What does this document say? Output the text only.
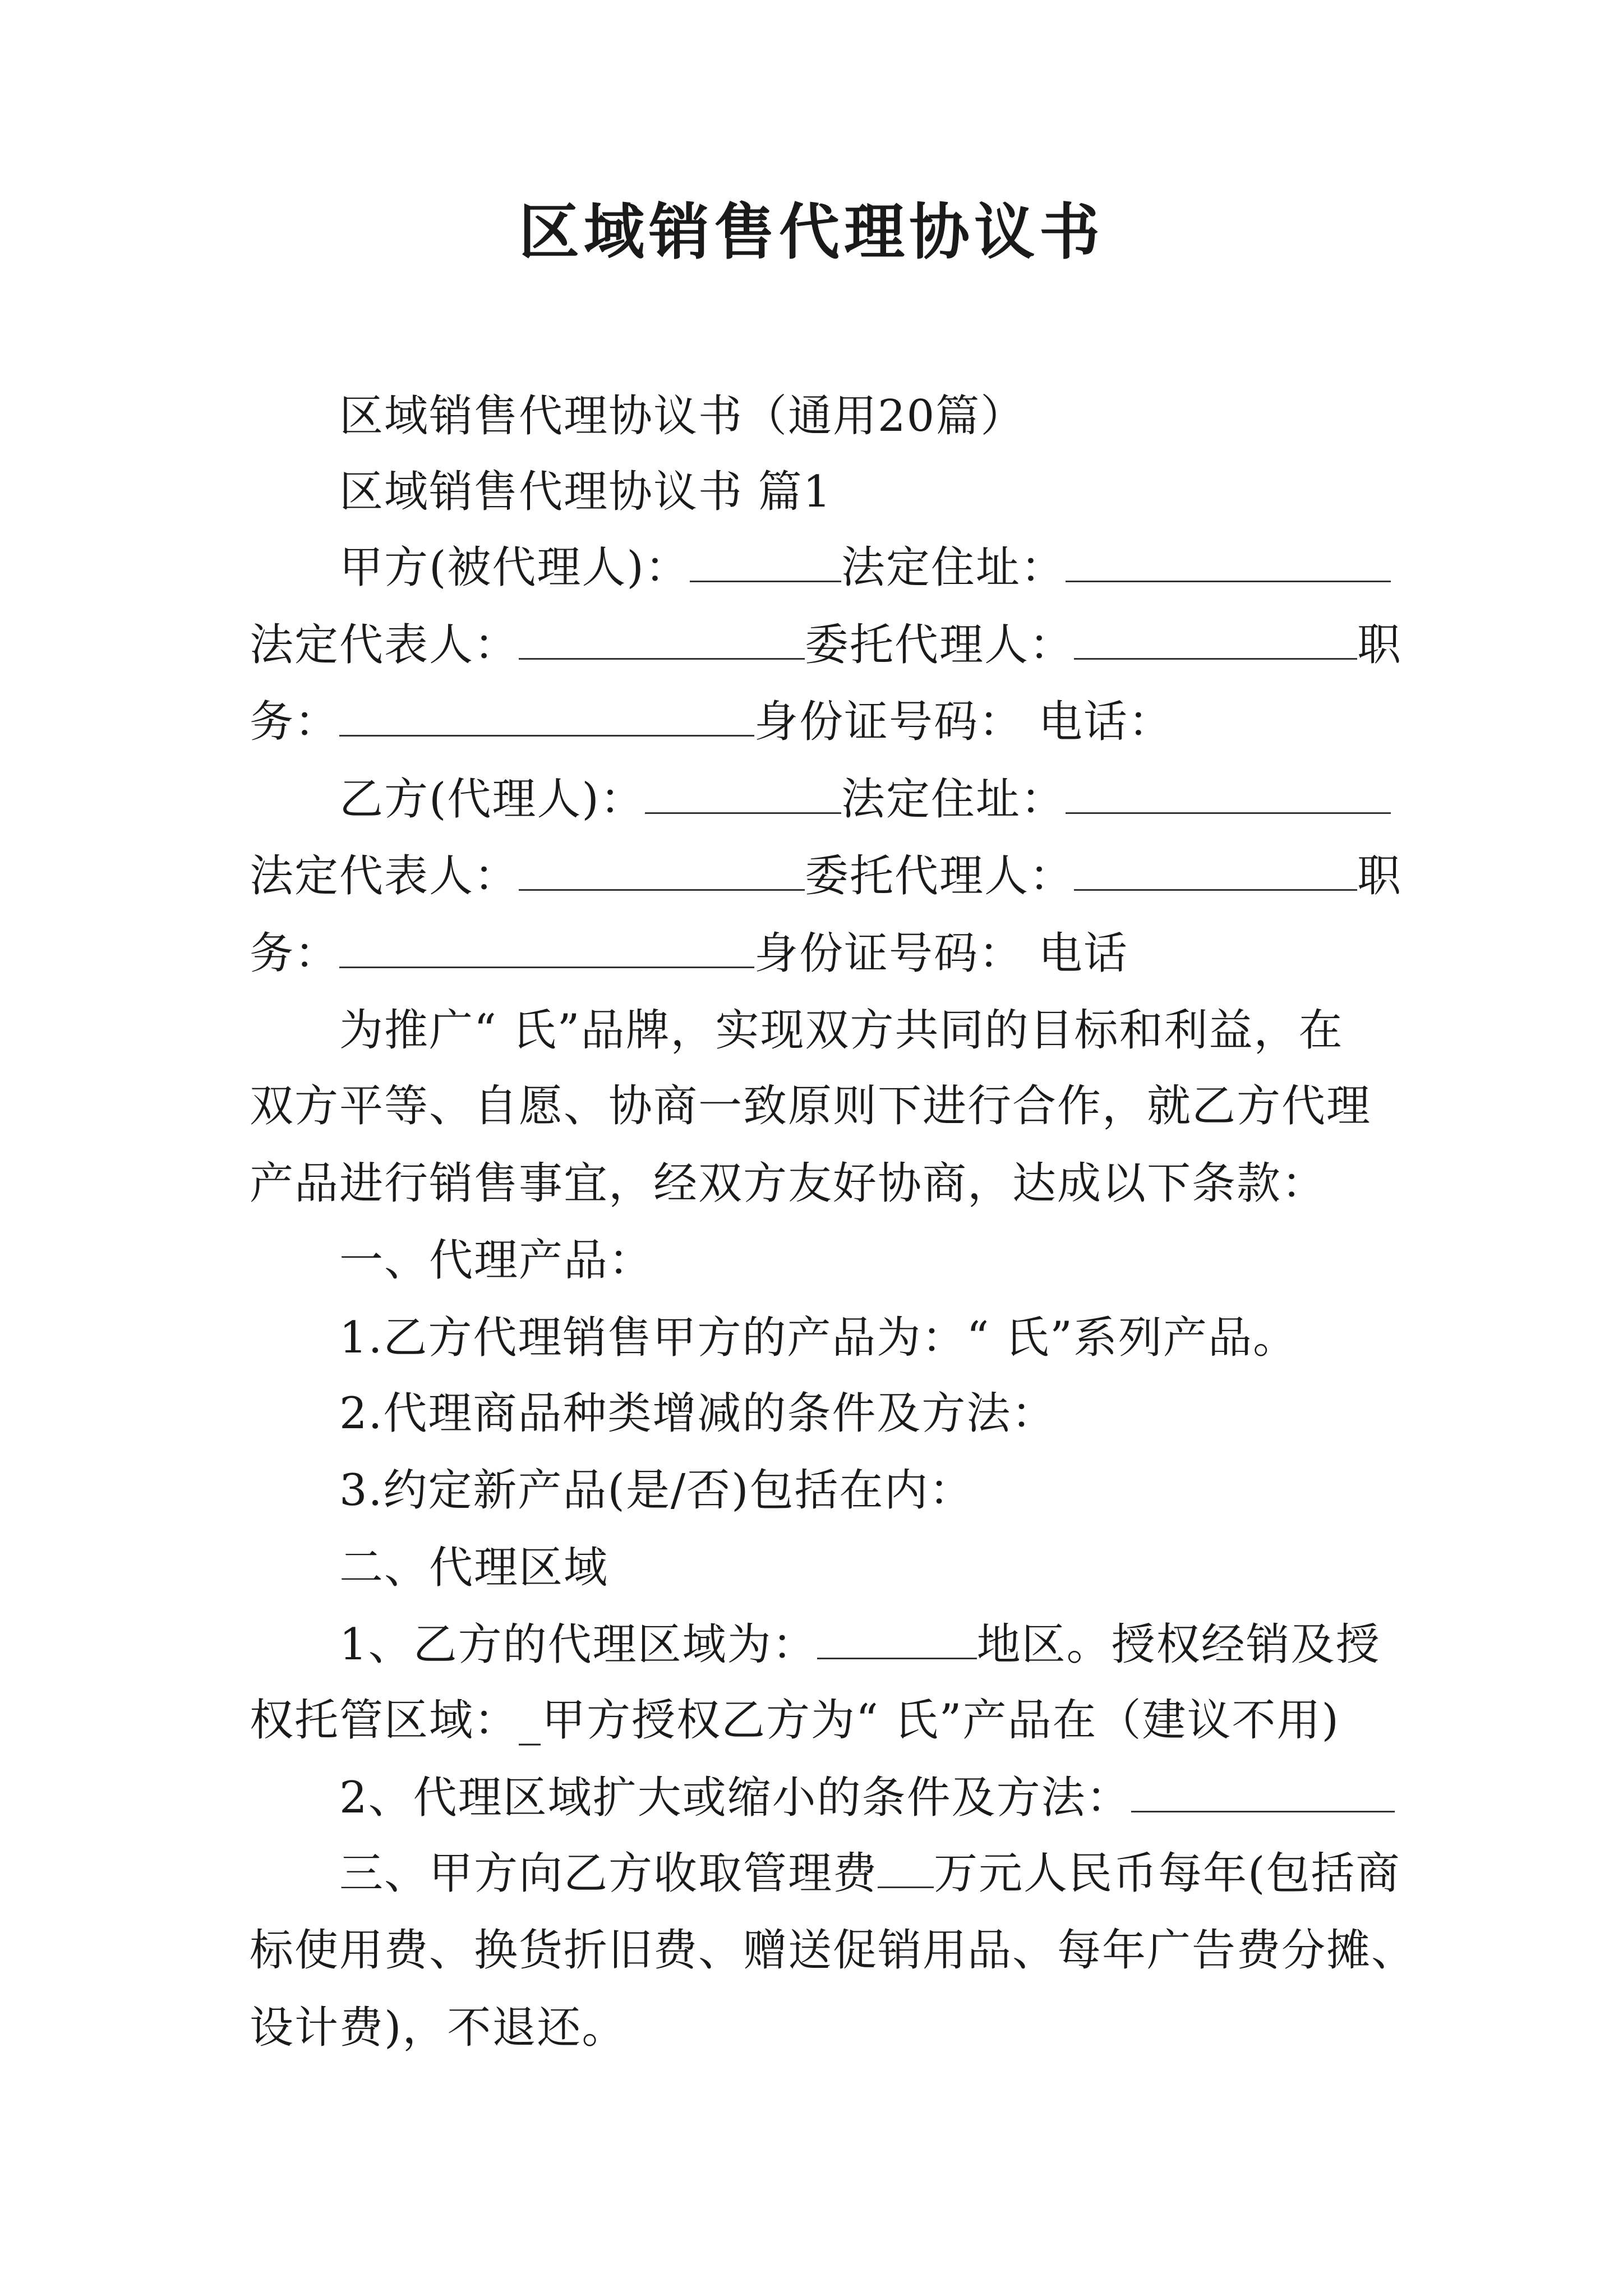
区域销售代理协议书

区域销售代理协议书（通用20篇）

区域销售代理协议书 篇1

甲方(被代理人)：	法定住址：

法定代表人：	委托代理人：	职

务：	身份证号码： 电话：

乙方(代理人)：	法定住址：

法定代表人：	委托代理人：	职

务：	身份证号码： 电话

为推广“ 氏”品牌，实现双方共同的目标和利益，在

双方平等、自愿、协商一致原则下进行合作，就乙方代理

产品进行销售事宜，经双方友好协商，达成以下条款：

一、代理产品：

1.乙方代理销售甲方的产品为：“ 氏”系列产品。

2.代理商品种类增减的条件及方法：

3.约定新产品(是/否)包括在内：

二、代理区域

1、乙方的代理区域为：	地区。授权经销及授

权托管区域：_甲方授权乙方为“ 氏”产品在（建议不用)

2、代理区域扩大或缩小的条件及方法：

三、甲方向乙方收取管理费 万元人民币每年(包括商

标使用费、换货折旧费、赠送促销用品、每年广告费分摊、

设计费)，不退还。
